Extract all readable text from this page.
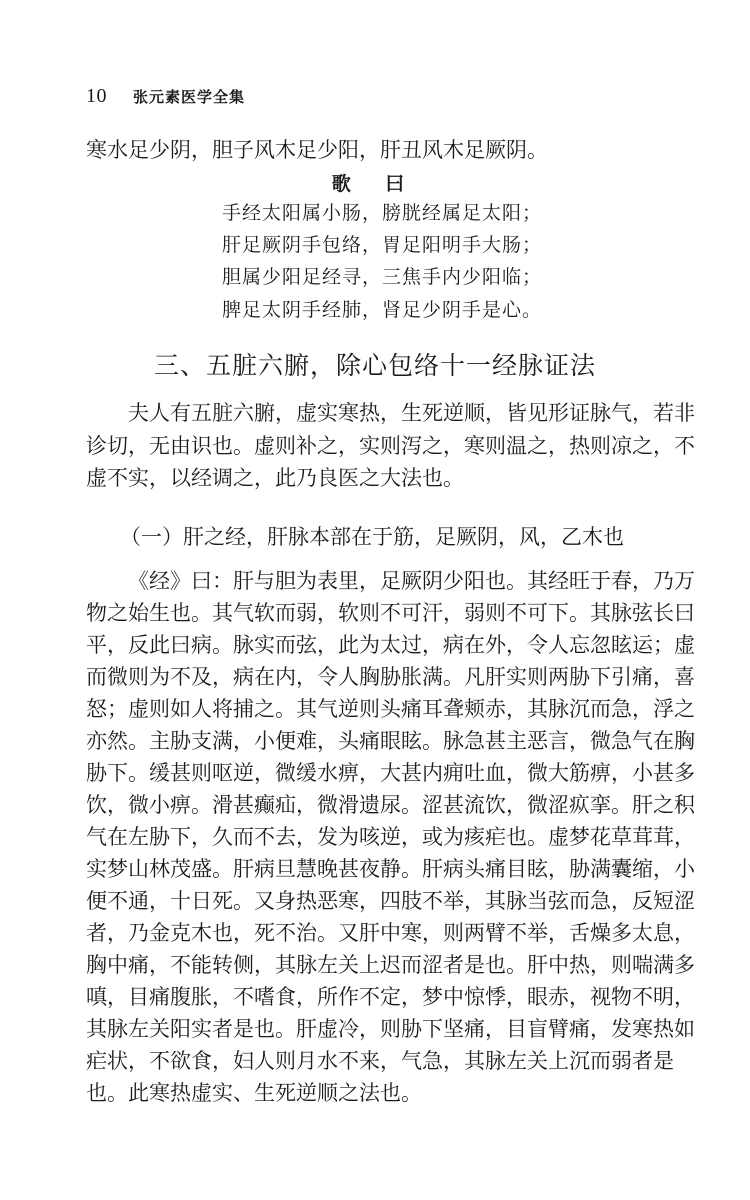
10 张元素医学全集
寒水足少阴，胆子风木足少阳，肝丑风木足厥阴。
歌 曰
手经太阳属小肠，膀胱经属足太阳；
肝足厥阴手包络，胃足阳明手大肠；
胆属少阳足经寻，三焦手内少阳临；
脾足太阴手经肺，肾足少阴手是心。
三、五脏六腑，除心包络十一经脉证法
夫人有五脏六腑，虚实寒热，生死逆顺，皆见形证脉气，若非
诊切，无由识也。虚则补之，实则泻之，寒则温之，热则凉之，不
虚不实，以经调之，此乃良医之大法也。
（一）肝之经，肝脉本部在于筋，足厥阴，风，乙木也
《经》曰：肝与胆为表里，足厥阴少阳也。其经旺于春，乃万
物之始生也。其气软而弱，软则不可汗，弱则不可下。其脉弦长曰
平，反此曰病。脉实而弦，此为太过，病在外，令人忘忽眩运；虚
而微则为不及，病在内，令人胸胁胀满。凡肝实则两胁下引痛，喜
怒；虚则如人将捕之。其气逆则头痛耳聋颊赤，其脉沉而急，浮之
亦然。主胁支满，小便难，头痛眼眩。脉急甚主恶言，微急气在胸
胁下。缓甚则呕逆，微缓水痹，大甚内痈吐血，微大筋痹，小甚多
饮，微小痹。滑甚癫疝，微滑遗尿。涩甚流饮，微涩疭挛。肝之积
气在左胁下，久而不去，发为咳逆，或为痎疟也。虚梦花草茸茸，
实梦山林茂盛。肝病旦慧晚甚夜静。肝病头痛目眩，胁满囊缩，小
便不通，十日死。又身热恶寒，四肢不举，其脉当弦而急，反短涩
者，乃金克木也，死不治。又肝中寒，则两臂不举，舌燥多太息，
胸中痛，不能转侧，其脉左关上迟而涩者是也。肝中热，则喘满多
嗔，目痛腹胀，不嗜食，所作不定，梦中惊悸，眼赤，视物不明，
其脉左关阳实者是也。肝虚冷，则胁下坚痛，目盲臂痛，发寒热如
疟状，不欲食，妇人则月水不来，气急，其脉左关上沉而弱者是
也。此寒热虚实、生死逆顺之法也。
